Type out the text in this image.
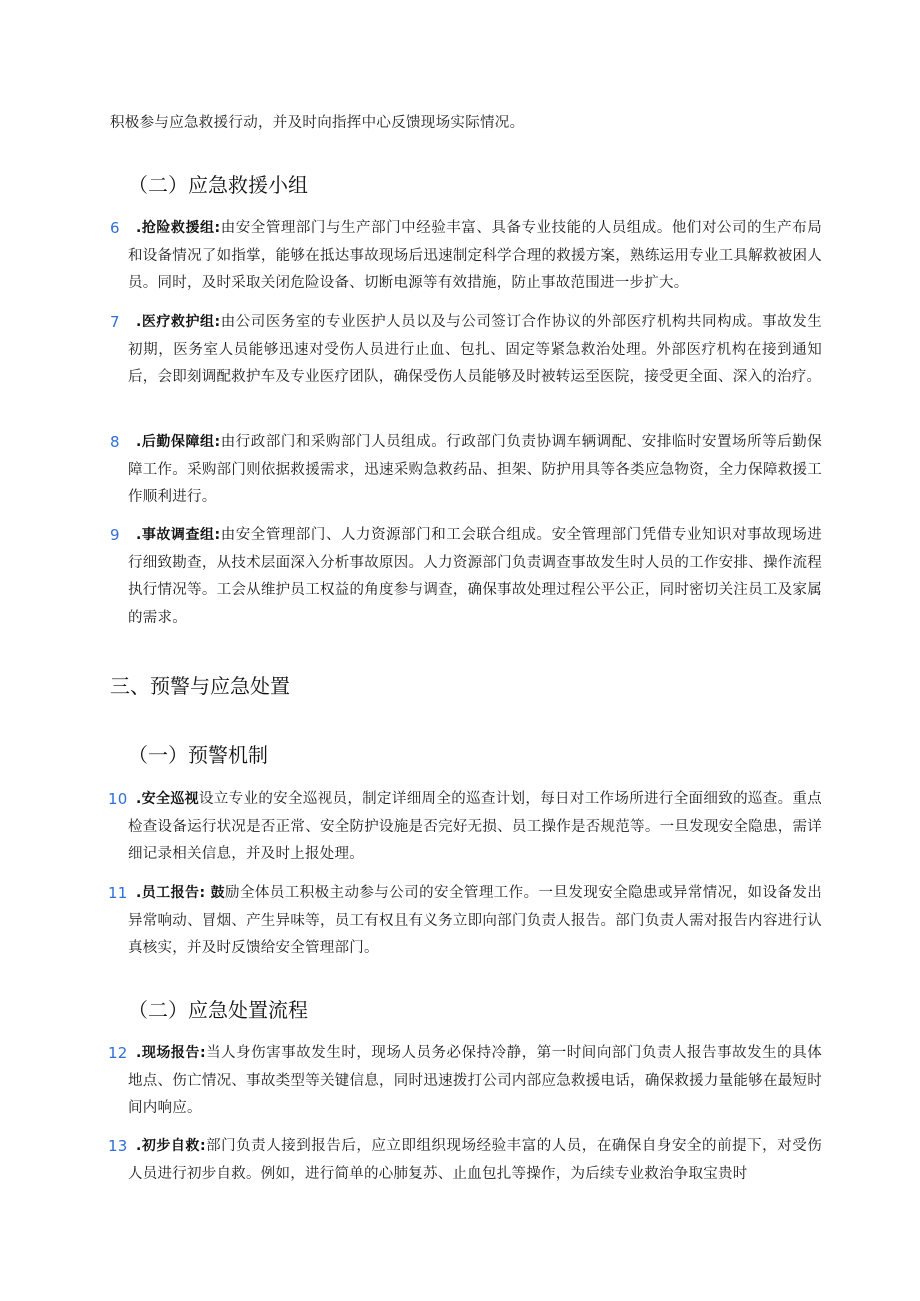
积极参与应急救援行动，并及时向指挥中心反馈现场实际情况。
（二）应急救援小组
6	.抢险救援组:由安全管理部门与生产部门中经验丰富、具备专业技能的人员组成。他们对公司的生产布局和设备情况了如指掌，能够在抵达事故现场后迅速制定科学合理的救援方案，熟练运用专业工具解救被困人员。同时，及时采取关闭危险设备、切断电源等有效措施，防止事故范围进一步扩大。
7	.医疗救护组:由公司医务室的专业医护人员以及与公司签订合作协议的外部医疗机构共同构成。事故发生初期，医务室人员能够迅速对受伤人员进行止血、包扎、固定等紧急救治处理。外部医疗机构在接到通知后，会即刻调配救护车及专业医疗团队，确保受伤人员能够及时被转运至医院，接受更全面、深入的治疗。
8	.后勤保障组:由行政部门和采购部门人员组成。行政部门负责协调车辆调配、安排临时安置场所等后勤保障工作。采购部门则依据救援需求，迅速采购急救药品、担架、防护用具等各类应急物资，全力保障救援工作顺利进行。
9	.事故调查组:由安全管理部门、人力资源部门和工会联合组成。安全管理部门凭借专业知识对事故现场进行细致勘查，从技术层面深入分析事故原因。人力资源部门负责调查事故发生时人员的工作安排、操作流程执行情况等。工会从维护员工权益的角度参与调查，确保事故处理过程公平公正，同时密切关注员工及家属的需求。
三、预警与应急处置
（一）预警机制
10 .安全巡视设立专业的安全巡视员，制定详细周全的巡查计划，每日对工作场所进行全面细致的巡查。重点检查设备运行状况是否正常、安全防护设施是否完好无损、员工操作是否规范等。一旦发现安全隐患，需详细记录相关信息，并及时上报处理。
11 .员工报告: 鼓励全体员工积极主动参与公司的安全管理工作。一旦发现安全隐患或异常情况，如设备发出异常响动、冒烟、产生异味等，员工有权且有义务立即向部门负责人报告。部门负责人需对报告内容进行认真核实，并及时反馈给安全管理部门。
（二）应急处置流程
12 .现场报告:当人身伤害事故发生时，现场人员务必保持冷静，第一时间向部门负责人报告事故发生的具体地点、伤亡情况、事故类型等关键信息，同时迅速拨打公司内部应急救援电话，确保救援力量能够在最短时间内响应。
13 .初步自救:部门负责人接到报告后，应立即组织现场经验丰富的人员，在确保自身安全的前提下，对受伤人员进行初步自救。例如，进行简单的心肺复苏、止血包扎等操作，为后续专业救治争取宝贵时
